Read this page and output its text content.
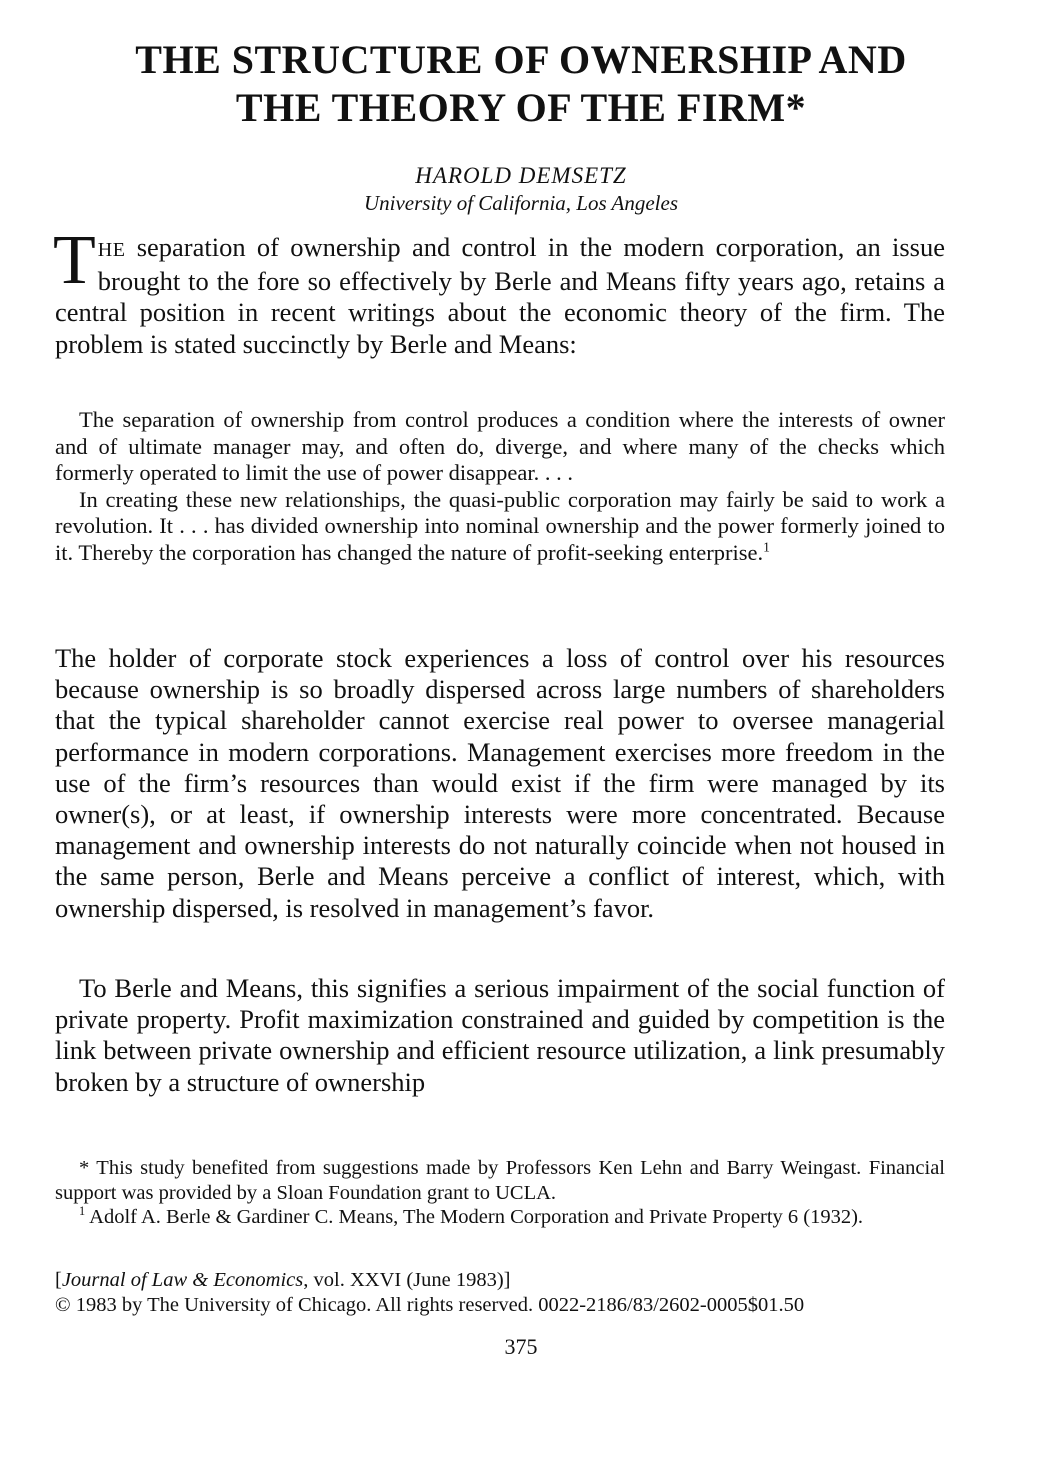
THE STRUCTURE OF OWNERSHIP AND
THE THEORY OF THE FIRM*
HAROLD DEMSETZ
University of California, Los Angeles

THE separation of ownership and control in the modern corporation, an issue brought to the fore so effectively by Berle and Means fifty years ago, retains a central position in recent writings about the economic theory of the firm. The problem is stated succinctly by Berle and Means:

The separation of ownership from control produces a condition where the interests of owner and of ultimate manager may, and often do, diverge, and where many of the checks which formerly operated to limit the use of power disappear. . . .

In creating these new relationships, the quasi-public corporation may fairly be said to work a revolution. It . . . has divided ownership into nominal ownership and the power formerly joined to it. Thereby the corporation has changed the nature of profit-seeking enterprise.$^1$

The holder of corporate stock experiences a loss of control over his resources because ownership is so broadly dispersed across large numbers of shareholders that the typical shareholder cannot exercise real power to oversee managerial performance in modern corporations. Management exercises more freedom in the use of the firm’s resources than would exist if the firm were managed by its owner(s), or at least, if ownership interests were more concentrated. Because management and ownership interests do not naturally coincide when not housed in the same person, Berle and Means perceive a conflict of interest, which, with ownership dispersed, is resolved in management’s favor.

To Berle and Means, this signifies a serious impairment of the social function of private property. Profit maximization constrained and guided by competition is the link between private ownership and efficient resource utilization, a link presumably broken by a structure of ownership

* This study benefited from suggestions made by Professors Ken Lehn and Barry Weingast. Financial support was provided by a Sloan Foundation grant to UCLA.

$^1$ Adolf A. Berle & Gardiner C. Means, The Modern Corporation and Private Property 6 (1932).

[Journal of Law & Economics, vol. XXVI (June 1983)]

© 1983 by The University of Chicago. All rights reserved. 0022-2186/83/2602-0005$01.50

375
